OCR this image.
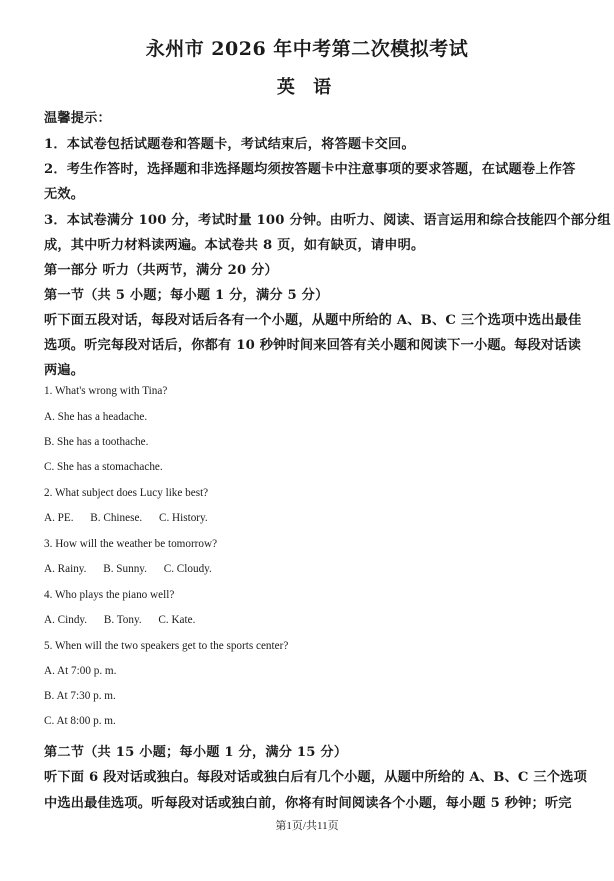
永州市 2026 年中考第二次模拟考试
英 语
温馨提示：
1．本试卷包括试题卷和答题卡，考试结束后，将答题卡交回。
2．考生作答时，选择题和非选择题均须按答题卡中注意事项的要求答题，在试题卷上作答
无效。
3．本试卷满分 100 分，考试时量 100 分钟。由听力、阅读、语言运用和综合技能四个部分组
成，其中听力材料读两遍。本试卷共 8 页，如有缺页，请申明。
第一部分 听力（共两节，满分 20 分）
第一节（共 5 小题；每小题 1 分，满分 5 分）
听下面五段对话，每段对话后各有一个小题，从题中所给的 A、B、C 三个选项中选出最佳
选项。听完每段对话后，你都有 10 秒钟时间来回答有关小题和阅读下一小题。每段对话读
两遍。
1. What's wrong with Tina?
A. She has a headache.
B. She has a toothache.
C. She has a stomachache.
2. What subject does Lucy like best?
A. PE.      B. Chinese.      C. History.
3. How will the weather be tomorrow?
A. Rainy.      B. Sunny.      C. Cloudy.
4. Who plays the piano well?
A. Cindy.      B. Tony.      C. Kate.
5. When will the two speakers get to the sports center?
A. At 7:00 p. m.
B. At 7:30 p. m.
C. At 8:00 p. m.
第二节（共 15 小题；每小题 1 分，满分 15 分）
听下面 6 段对话或独白。每段对话或独白后有几个小题，从题中所给的 A、B、C 三个选项
中选出最佳选项。听每段对话或独白前，你将有时间阅读各个小题，每小题 5 秒钟；听完
第1页/共11页
